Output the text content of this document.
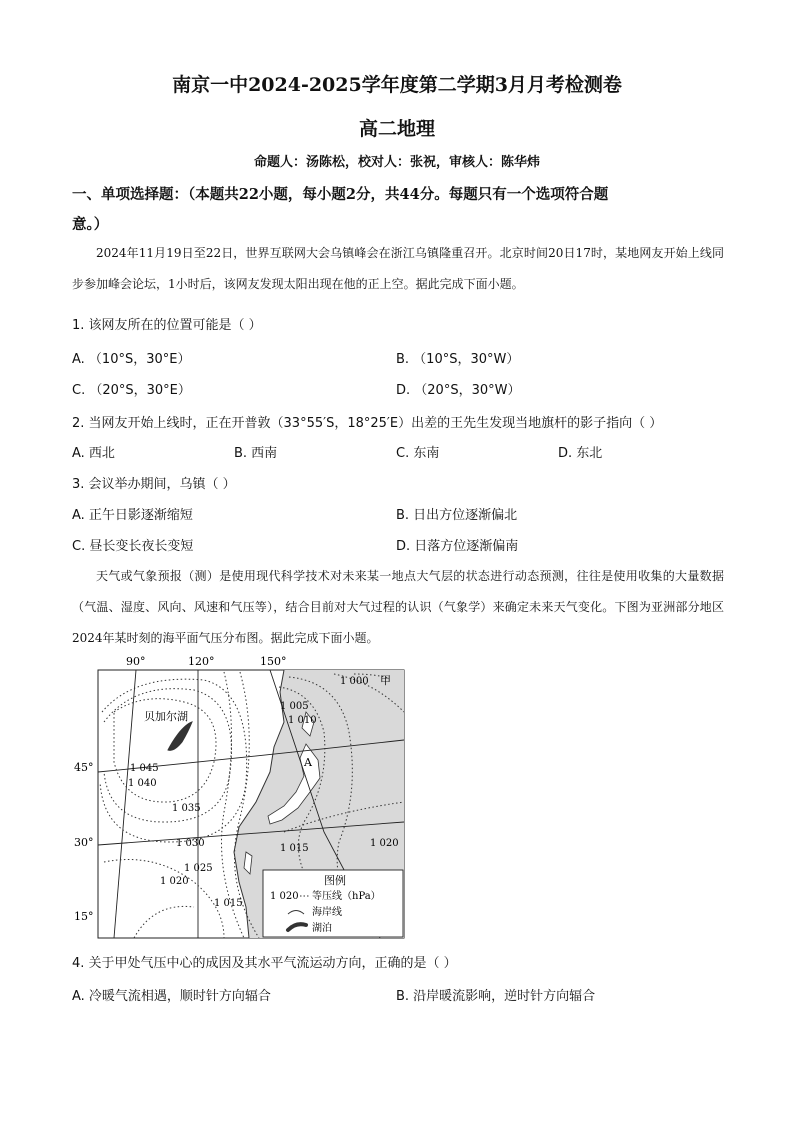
南京一中2024-2025学年度第二学期3月月考检测卷
高二地理
命题人：汤陈松，校对人：张祝，审核人：陈华炜
一、单项选择题：（本题共22小题，每小题2分，共44分。每题只有一个选项符合题
意。）
2024年11月19日至22日，世界互联网大会乌镇峰会在浙江乌镇隆重召开。北京时间20日17时，某地网友开始上线同步参加峰会论坛，1小时后，该网友发现太阳出现在他的正上空。据此完成下面小题。
1. 该网友所在的位置可能是（ ）
A. （10°S，30°E）	B. （10°S，30°W）
C. （20°S，30°E）	D. （20°S，30°W）
2. 当网友开始上线时，正在开普敦（33°55′S，18°25′E）出差的王先生发现当地旗杆的影子指向（ ）
A. 西北	B. 西南	C. 东南	D. 东北
3. 会议举办期间，乌镇（ ）
A. 正午日影逐渐缩短	B. 日出方位逐渐偏北
C. 昼长变长夜长变短	D. 日落方位逐渐偏南
天气或气象预报（测）是使用现代科学技术对未来某一地点大气层的状态进行动态预测，往往是使用收集的大量数据（气温、湿度、风向、风速和气压等），结合目前对大气过程的认识（气象学）来确定未来天气变化。下图为亚洲部分地区2024年某时刻的海平面气压分布图。据此完成下面小题。
90°	120°	150°
45°
30°
15°
贝加尔湖
A
1 000 甲
1 005
1 010
1 045
1 040
1 035
1 030
1 025
1 020
1 015
1 015
1 020
图例
1 020 等压线（hPa）
海岸线
湖泊
4. 关于甲处气压中心的成因及其水平气流运动方向，正确的是（ ）
A. 冷暖气流相遇，顺时针方向辐合	B. 沿岸暖流影响，逆时针方向辐合
